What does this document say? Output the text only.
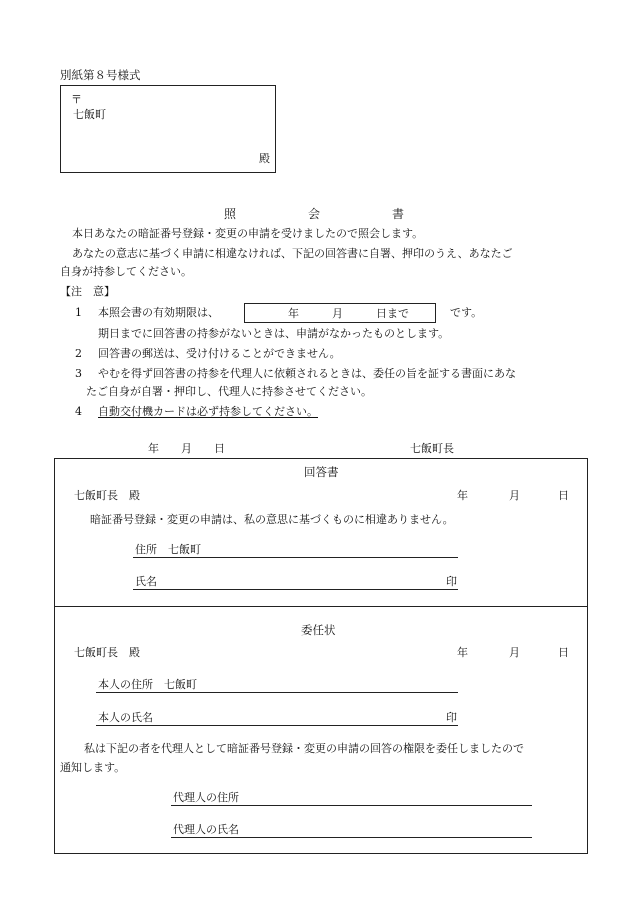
別紙第８号様式
〒
七飯町
殿
照　　　　　　会　　　　　　書
本日あなたの暗証番号登録・変更の申請を受けましたので照会します。
あなたの意志に基づく申請に相違なければ、下記の回答書に自署、押印のうえ、あなたご
自身が持参してください。
【注　意】
1 本照会書の有効期限は、	年　　　月　　　日まで	です。
期日までに回答書の持参がないときは、申請がなかったものとします。
2 回答書の郵送は、受け付けることができません。
3 やむを得ず回答書の持参を代理人に依頼されるときは、委任の旨を証する書面にあな
たご自身が自署・押印し、代理人に持参させてください。
4 自動交付機カードは必ず持参してください。
年　　月　　日	七飯町長
回答書
七飯町長　殿	年	月	日
暗証番号登録・変更の申請は、私の意思に基づくものに相違ありません。
住所　七飯町
氏名	印
委任状
七飯町長　殿	年	月	日
本人の住所　七飯町
本人の氏名	印
私は下記の者を代理人として暗証番号登録・変更の申請の回答の権限を委任しましたので
通知します。
代理人の住所
代理人の氏名
